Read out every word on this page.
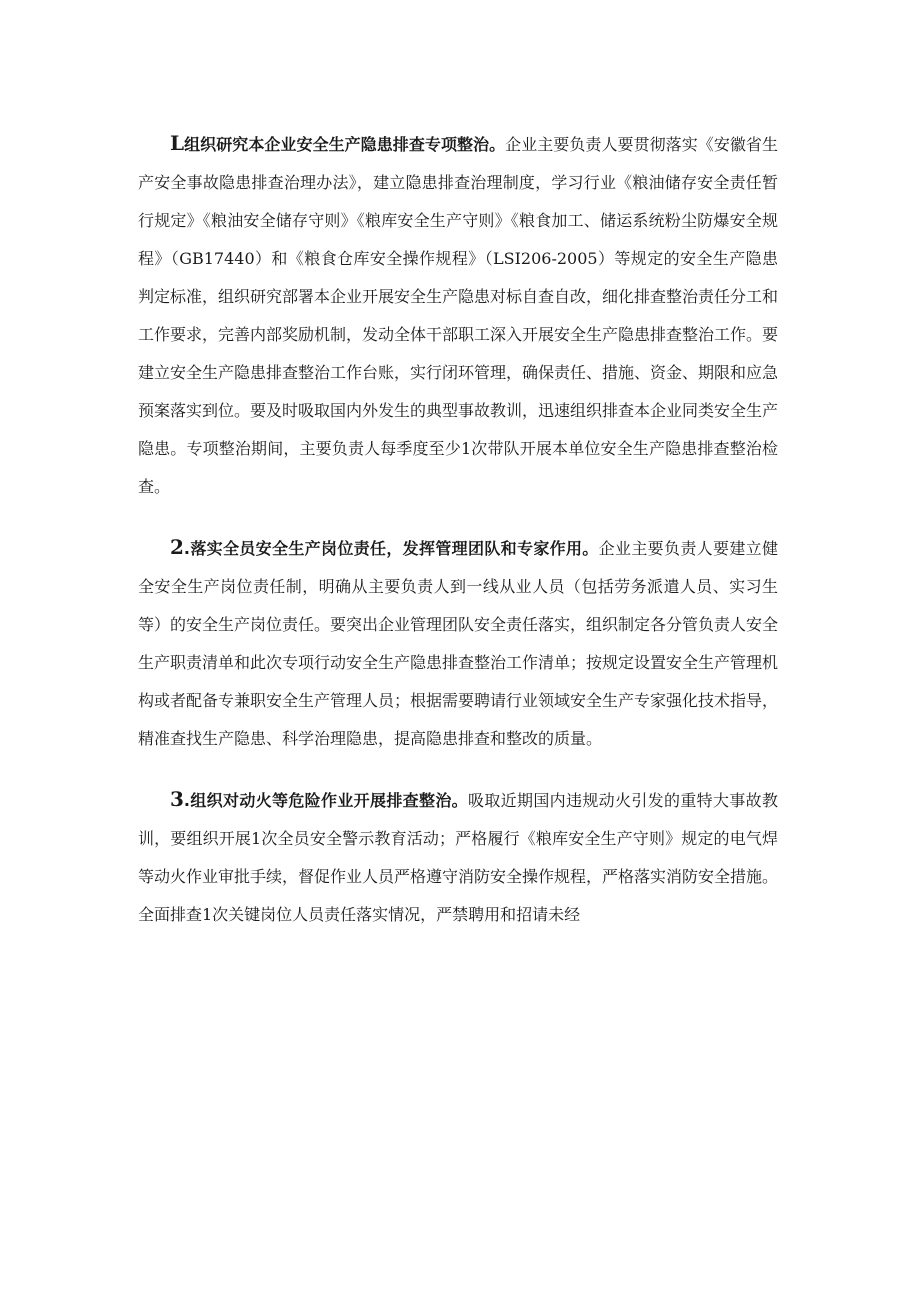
L组织研究本企业安全生产隐患排查专项整治。企业主要负责人要贯彻落实《安徽省生产安全事故隐患排查治理办法》，建立隐患排查治理制度，学习行业《粮油储存安全责任暂行规定》《粮油安全储存守则》《粮库安全生产守则》《粮食加工、储运系统粉尘防爆安全规程》（GB17440）和《粮食仓库安全操作规程》（LSI206-2005）等规定的安全生产隐患判定标准，组织研究部署本企业开展安全生产隐患对标自查自改，细化排查整治责任分工和工作要求，完善内部奖励机制，发动全体干部职工深入开展安全生产隐患排查整治工作。要建立安全生产隐患排查整治工作台账，实行闭环管理，确保责任、措施、资金、期限和应急预案落实到位。要及时吸取国内外发生的典型事故教训，迅速组织排查本企业同类安全生产隐患。专项整治期间，主要负责人每季度至少1次带队开展本单位安全生产隐患排查整治检查。

2.落实全员安全生产岗位责任，发挥管理团队和专家作用。企业主要负责人要建立健全安全生产岗位责任制，明确从主要负责人到一线从业人员（包括劳务派遣人员、实习生等）的安全生产岗位责任。要突出企业管理团队安全责任落实，组织制定各分管负责人安全生产职责清单和此次专项行动安全生产隐患排查整治工作清单；按规定设置安全生产管理机构或者配备专兼职安全生产管理人员；根据需要聘请行业领域安全生产专家强化技术指导，精准查找生产隐患、科学治理隐患，提高隐患排查和整改的质量。

3.组织对动火等危险作业开展排查整治。吸取近期国内违规动火引发的重特大事故教训，要组织开展1次全员安全警示教育活动；严格履行《粮库安全生产守则》规定的电气焊等动火作业审批手续，督促作业人员严格遵守消防安全操作规程，严格落实消防安全措施。全面排查1次关键岗位人员责任落实情况，严禁聘用和招请未经
